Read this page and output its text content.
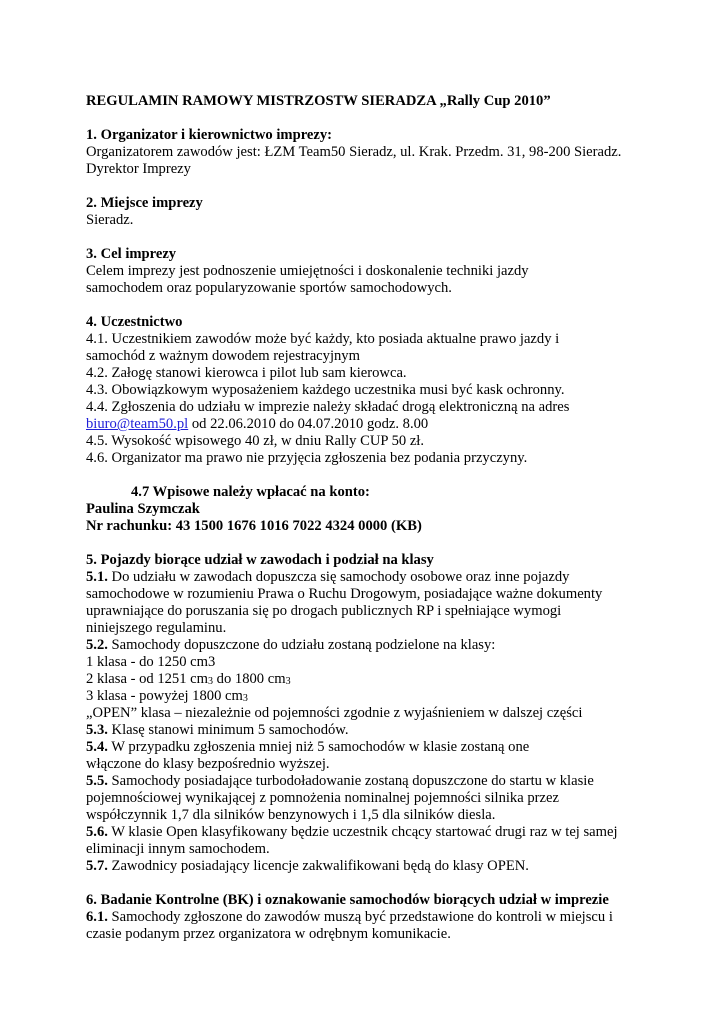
REGULAMIN RAMOWY MISTRZOSTW SIERADZA „Rally Cup 2010”
1. Organizator i kierownictwo imprezy:
Organizatorem zawodów jest: ŁZM Team50 Sieradz, ul. Krak. Przedm. 31, 98-200 Sieradz.
Dyrektor Imprezy
2. Miejsce imprezy
Sieradz.
3. Cel imprezy
Celem imprezy jest podnoszenie umiejętności i doskonalenie techniki jazdy
samochodem oraz popularyzowanie sportów samochodowych.
4. Uczestnictwo
4.1. Uczestnikiem zawodów może być każdy, kto posiada aktualne prawo jazdy i
samochód z ważnym dowodem rejestracyjnym
4.2. Załogę stanowi kierowca i pilot lub sam kierowca.
4.3. Obowiązkowym wyposażeniem każdego uczestnika musi być kask ochronny.
4.4. Zgłoszenia do udziału w imprezie należy składać drogą elektroniczną na adres
biuro@team50.pl od 22.06.2010 do 04.07.2010 godz. 8.00
4.5. Wysokość wpisowego 40 zł, w dniu Rally CUP 50 zł.
4.6. Organizator ma prawo nie przyjęcia zgłoszenia bez podania przyczyny.
4.7 Wpisowe należy wpłacać na konto:
Paulina Szymczak
Nr rachunku: 43 1500 1676 1016 7022 4324 0000 (KB)
5. Pojazdy biorące udział w zawodach i podział na klasy
5.1. Do udziału w zawodach dopuszcza się samochody osobowe oraz inne pojazdy
samochodowe w rozumieniu Prawa o Ruchu Drogowym, posiadające ważne dokumenty
uprawniające do poruszania się po drogach publicznych RP i spełniające wymogi
niniejszego regulaminu.
5.2. Samochody dopuszczone do udziału zostaną podzielone na klasy:
1 klasa - do 1250 cm3
2 klasa - od 1251 cm3 do 1800 cm3
3 klasa - powyżej 1800 cm3
„OPEN” klasa – niezależnie od pojemności zgodnie z wyjaśnieniem w dalszej części
5.3. Klasę stanowi minimum 5 samochodów.
5.4. W przypadku zgłoszenia mniej niż 5 samochodów w klasie zostaną one
włączone do klasy bezpośrednio wyższej.
5.5. Samochody posiadające turbodoładowanie zostaną dopuszczone do startu w klasie
pojemnościowej wynikającej z pomnożenia nominalnej pojemności silnika przez
współczynnik 1,7 dla silników benzynowych i 1,5 dla silników diesla.
5.6. W klasie Open klasyfikowany będzie uczestnik chcący startować drugi raz w tej samej
eliminacji innym samochodem.
5.7. Zawodnicy posiadający licencje zakwalifikowani będą do klasy OPEN.
6. Badanie Kontrolne (BK) i oznakowanie samochodów biorących udział w imprezie
6.1. Samochody zgłoszone do zawodów muszą być przedstawione do kontroli w miejscu i
czasie podanym przez organizatora w odrębnym komunikacie.
